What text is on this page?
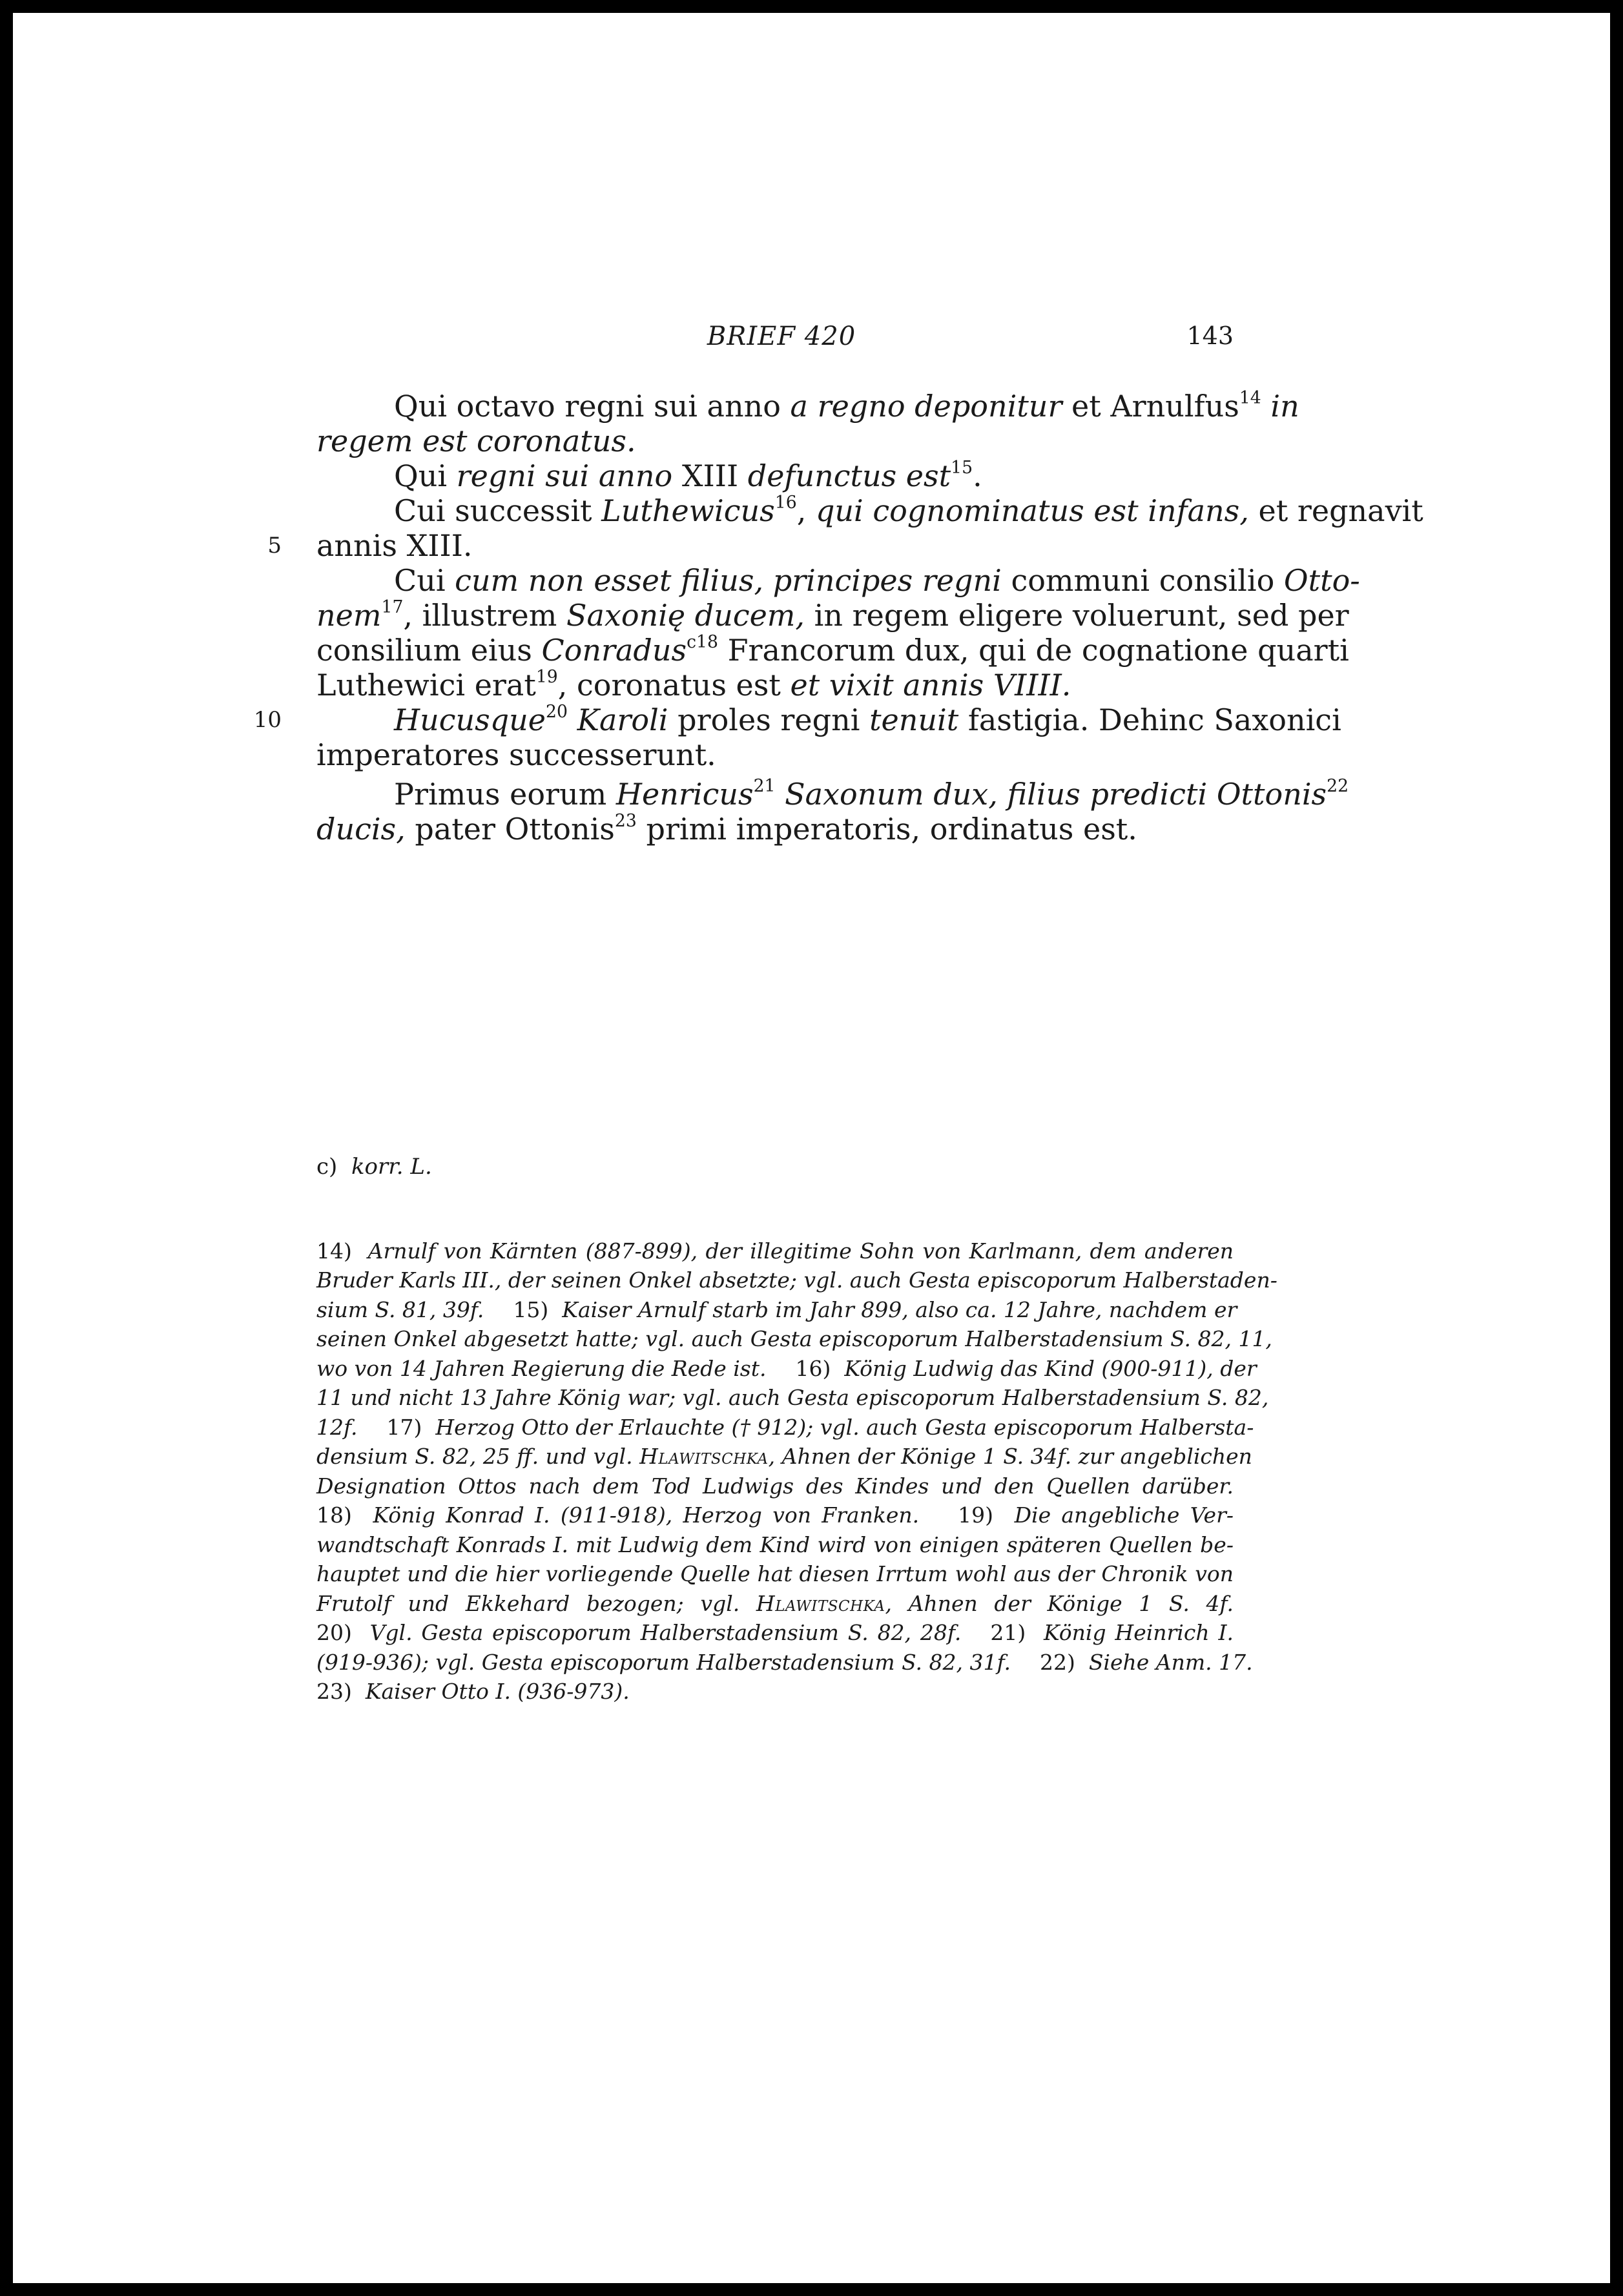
BRIEF 420	143
5
10
Qui octavo regni sui anno a regno deponitur et Arnulfus$^{14}$ in
regem est coronatus.
Qui regni sui anno XIII defunctus est$^{15}$.
Cui successit Luthewicus$^{16}$, qui cognominatus est infans, et regnavit
annis XIII.
Cui cum non esset filius, principes regni communi consilio Otto-
nem$^{17}$, illustrem Saxonię ducem, in regem eligere voluerunt, sed per
consilium eius Conradus$^{c18}$ Francorum dux, qui de cognatione quarti
Luthewici erat$^{19}$, coronatus est et vixit annis VIIII.
Hucusque$^{20}$ Karoli proles regni tenuit fastigia. Dehinc Saxonici
imperatores successerunt.
Primus eorum Henricus$^{21}$ Saxonum dux, filius predicti Ottonis$^{22}$
ducis, pater Ottonis$^{23}$ primi imperatoris, ordinatus est.
c) korr. L.
14) Arnulf von Kärnten (887-899), der illegitime Sohn von Karlmann, dem anderen
Bruder Karls III., der seinen Onkel absetzte; vgl. auch Gesta episcoporum Halberstaden-
sium S. 81, 39f. 15) Kaiser Arnulf starb im Jahr 899, also ca. 12 Jahre, nachdem er
seinen Onkel abgesetzt hatte; vgl. auch Gesta episcoporum Halberstadensium S. 82, 11,
wo von 14 Jahren Regierung die Rede ist. 16) König Ludwig das Kind (900-911), der
11 und nicht 13 Jahre König war; vgl. auch Gesta episcoporum Halberstadensium S. 82,
12f. 17) Herzog Otto der Erlauchte († 912); vgl. auch Gesta episcoporum Halbersta-
densium S. 82, 25 ff. und vgl. Hlawitschka, Ahnen der Könige 1 S. 34f. zur angeblichen
Designation Ottos nach dem Tod Ludwigs des Kindes und den Quellen darüber.
18) König Konrad I. (911-918), Herzog von Franken. 19) Die angebliche Ver-
wandtschaft Konrads I. mit Ludwig dem Kind wird von einigen späteren Quellen be-
hauptet und die hier vorliegende Quelle hat diesen Irrtum wohl aus der Chronik von
Frutolf und Ekkehard bezogen; vgl. Hlawitschka, Ahnen der Könige 1 S. 4f.
20) Vgl. Gesta episcoporum Halberstadensium S. 82, 28f. 21) König Heinrich I.
(919-936); vgl. Gesta episcoporum Halberstadensium S. 82, 31f. 22) Siehe Anm. 17.
23) Kaiser Otto I. (936-973).
